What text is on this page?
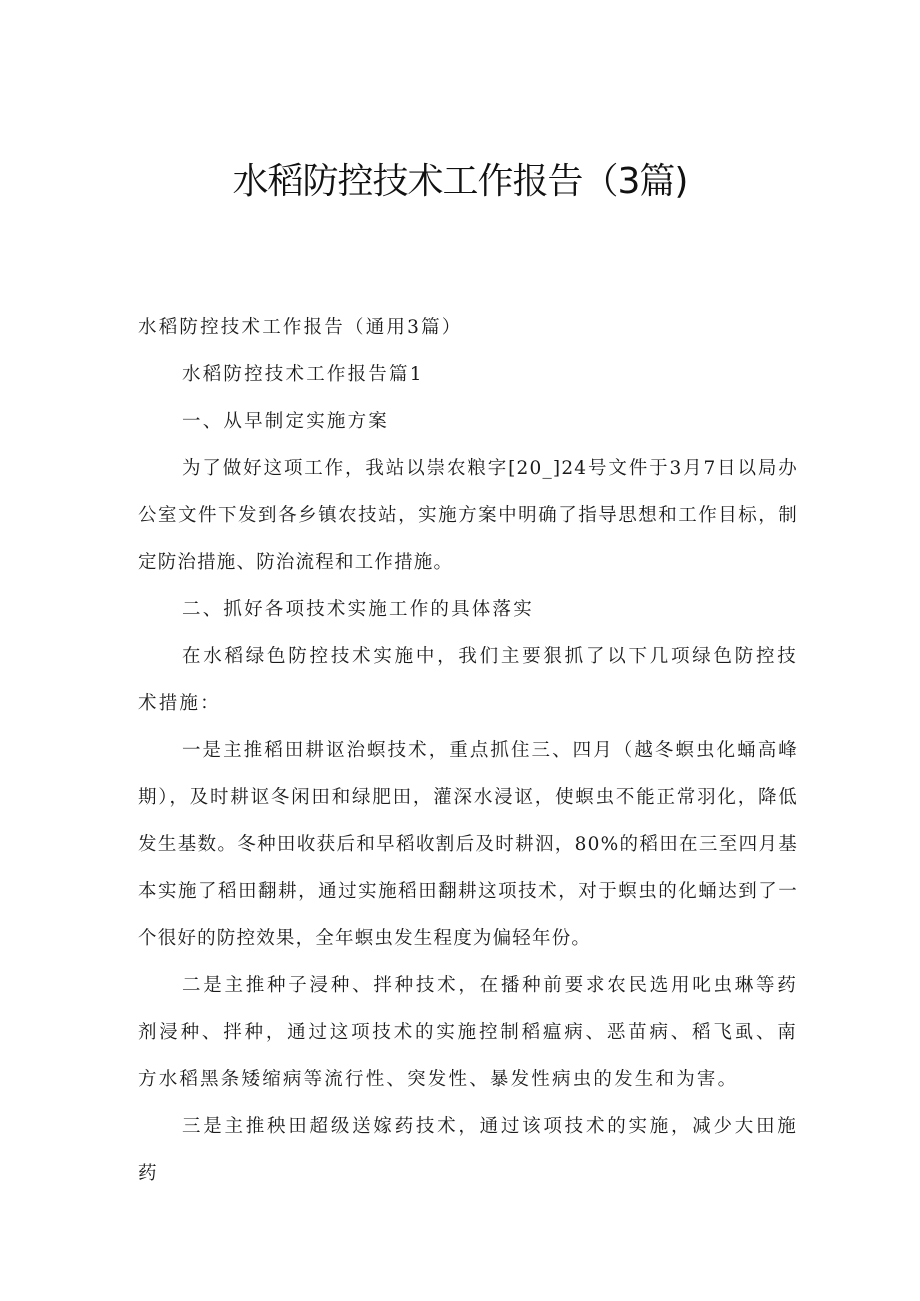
水稻防控技术工作报告（3篇)

水稻防控技术工作报告（通用3篇）

水稻防控技术工作报告篇1

一、从早制定实施方案

为了做好这项工作，我站以崇农粮字[20_]24号文件于3月7日以局办公室文件下发到各乡镇农技站，实施方案中明确了指导思想和工作目标，制定防治措施、防治流程和工作措施。

二、抓好各项技术实施工作的具体落实

在水稻绿色防控技术实施中，我们主要狠抓了以下几项绿色防控技术措施：

一是主推稻田耕讴治螟技术，重点抓住三、四月（越冬螟虫化蛹高峰期），及时耕讴冬闲田和绿肥田，灌深水浸讴，使螟虫不能正常羽化，降低发生基数。冬种田收获后和早稻收割后及时耕泅，80%的稻田在三至四月基本实施了稻田翻耕，通过实施稻田翻耕这项技术，对于螟虫的化蛹达到了一个很好的防控效果，全年螟虫发生程度为偏轻年份。

二是主推种子浸种、拌种技术，在播种前要求农民选用叱虫琳等药剂浸种、拌种，通过这项技术的实施控制稻瘟病、恶苗病、稻飞虱、南方水稻黑条矮缩病等流行性、突发性、暴发性病虫的发生和为害。

三是主推秧田超级送嫁药技术，通过该项技术的实施，减少大田施药
